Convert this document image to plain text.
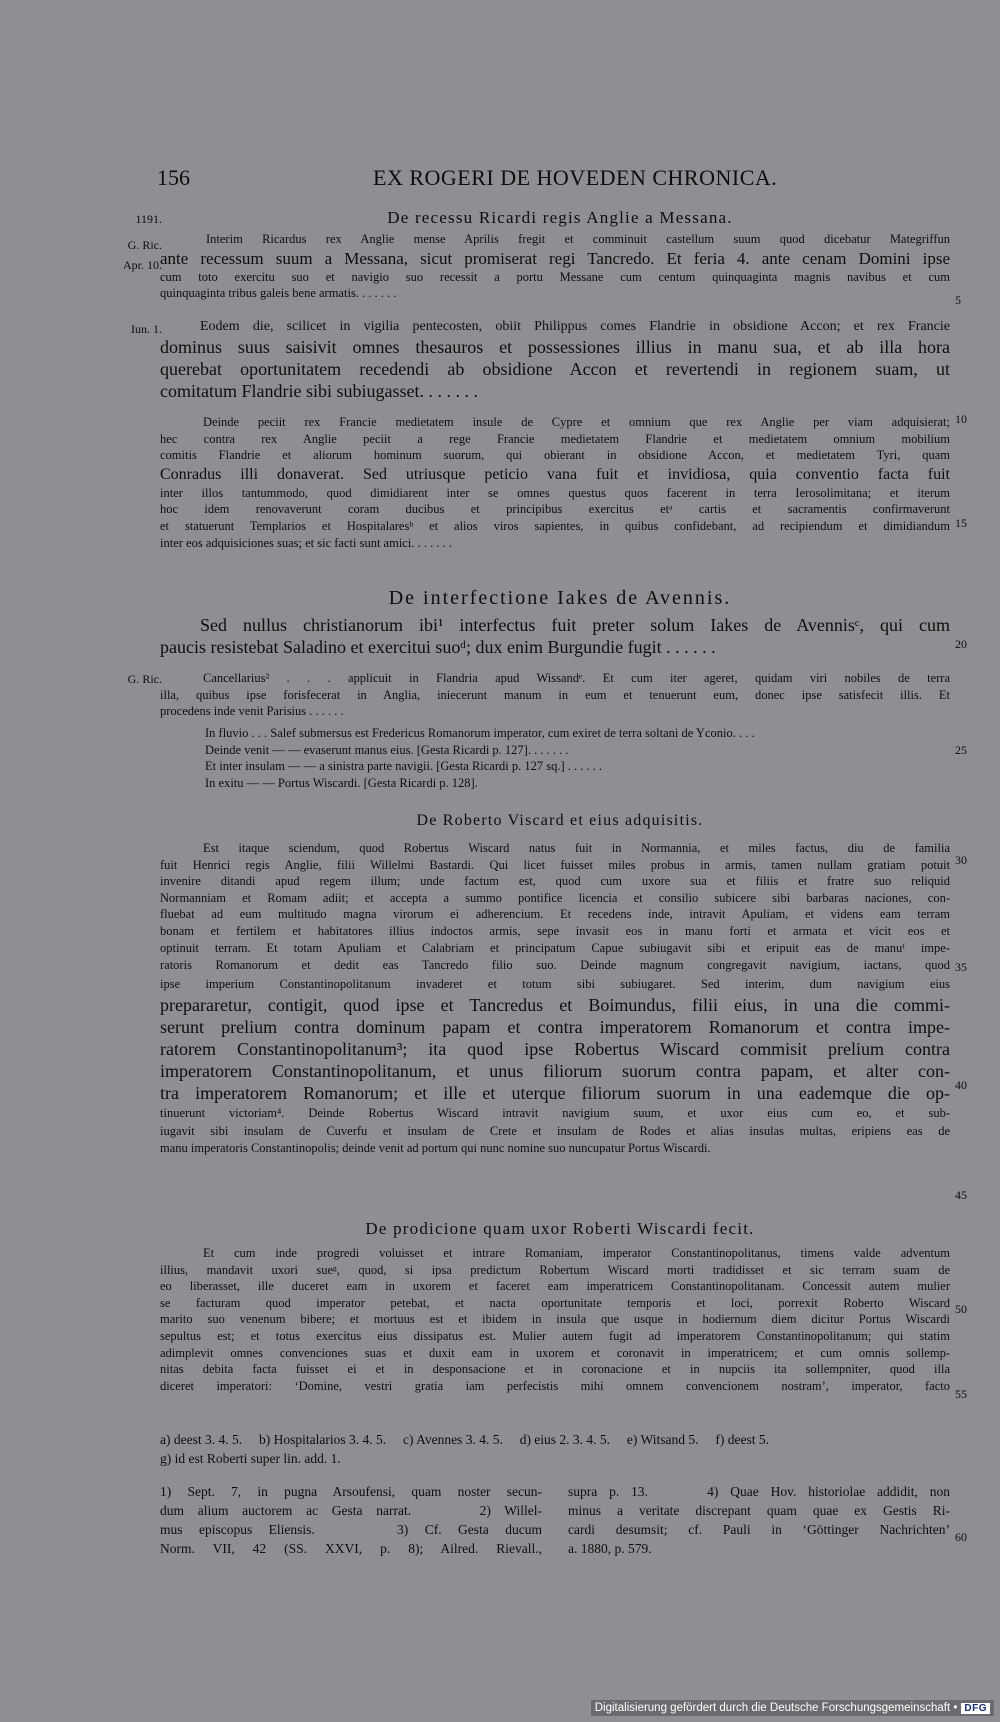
156	EX ROGERI DE HOVEDEN CHRONICA.
1191.
G. Ric.
Apr. 10.
Iun. 1.
G. Ric.
5
10
15
20
25
30
35
40
45
50
55
60
De recessu Ricardi regis Anglie a Messana.
Interim Ricardus rex Anglie mense Aprilis fregit et comminuit castellum suum quod dicebatur Mategriffun
ante recessum suum a Messana, sicut promiserat regi Tancredo. Et feria 4. ante cenam Domini ipse
cum toto exercitu suo et navigio suo recessit a portu Messane cum centum quinquaginta magnis navibus et cum
quinquaginta tribus galeis bene armatis. . . . . . .
Eodem die, scilicet in vigilia pentecosten, obiit Philippus comes Flandrie in obsidione Accon; et rex Francie
dominus suus saisivit omnes thesauros et possessiones illius in manu sua, et ab illa hora
querebat oportunitatem recedendi ab obsidione Accon et revertendi in regionem suam, ut
comitatum Flandrie sibi subiugasset. . . . . . .
Deinde peciit rex Francie medietatem insule de Cypre et omnium que rex Anglie per viam adquisierat;
hec contra rex Anglie peciit a rege Francie medietatem Flandrie et medietatem omnium mobilium
comitis Flandrie et aliorum hominum suorum, qui obierant in obsidione Accon, et medietatem Tyri, quam
Conradus illi donaverat. Sed utriusque peticio vana fuit et invidiosa, quia conventio facta fuit
inter illos tantummodo, quod dimidiarent inter se omnes questus quos facerent in terra Ierosolimitana; et iterum
hoc idem renovaverunt coram ducibus et principibus exercitus etᵃ cartis et sacramentis confirmaverunt
et statuerunt Templarios et Hospitalaresᵇ et alios viros sapientes, in quibus confidebant, ad recipiendum et dimidiandum
inter eos adquisiciones suas; et sic facti sunt amici. . . . . . .
De interfectione Iakes de Avennis.
Sed nullus christianorum ibi¹ interfectus fuit preter solum Iakes de Avennisᶜ, qui cum
paucis resistebat Saladino et exercitui suoᵈ; dux enim Burgundie fugit . . . . . .
Cancellarius² . . . applicuit in Flandria apud Wissandᵉ. Et cum iter ageret, quidam viri nobiles de terra
illa, quibus ipse forisfecerat in Anglia, iniecerunt manum in eum et tenuerunt eum, donec ipse satisfecit illis. Et
procedens inde venit Parisius . . . . . .
In fluvio . . . Salef submersus est Fredericus Romanorum imperator, cum exiret de terra soltani de Yconio. . . .
Deinde venit — — evaserunt manus eius. [Gesta Ricardi p. 127]. . . . . . .
Et inter insulam — — a sinistra parte navigii. [Gesta Ricardi p. 127 sq.] . . . . . .
In exitu — — Portus Wiscardi. [Gesta Ricardi p. 128].
De Roberto Viscard et eius adquisitis.
Est itaque sciendum, quod Robertus Wiscard natus fuit in Normannia, et miles factus, diu de familia
fuit Henrici regis Anglie, filii Willelmi Bastardi. Qui licet fuisset miles probus in armis, tamen nullam gratiam potuit
invenire ditandi apud regem illum; unde factum est, quod cum uxore sua et filiis et fratre suo reliquid
Normanniam et Romam adiit; et accepta a summo pontifice licencia et consilio subicere sibi barbaras naciones, con-
fluebat ad eum multitudo magna virorum ei adherencium. Et recedens inde, intravit Apuliam, et videns eam terram
bonam et fertilem et habitatores illius indoctos armis, sepe invasit eos in manu forti et armata et vicit eos et
optinuit terram. Et totam Apuliam et Calabriam et principatum Capue subiugavit sibi et eripuit eas de manuᶠ impe-
ratoris Romanorum et dedit eas Tancredo filio suo. Deinde magnum congregavit navigium, iactans, quod
ipse imperium Constantinopolitanum invaderet et totum sibi subiugaret. Sed interim, dum navigium eius
prepararetur, contigit, quod ipse et Tancredus et Boimundus, filii eius, in una die commi-
serunt prelium contra dominum papam et contra imperatorem Romanorum et contra impe-
ratorem Constantinopolitanum³; ita quod ipse Robertus Wiscard commisit prelium contra
imperatorem Constantinopolitanum, et unus filiorum suorum contra papam, et alter con-
tra imperatorem Romanorum; et ille et uterque filiorum suorum in una eademque die op-
tinuerunt victoriam⁴. Deinde Robertus Wiscard intravit navigium suum, et uxor eius cum eo, et sub-
iugavit sibi insulam de Cuverfu et insulam de Crete et insulam de Rodes et alias insulas multas, eripiens eas de
manu imperatoris Constantinopolis; deinde venit ad portum qui nunc nomine suo nuncupatur Portus Wiscardi.
De prodicione quam uxor Roberti Wiscardi fecit.
Et cum inde progredi voluisset et intrare Romaniam, imperator Constantinopolitanus, timens valde adventum
illius, mandavit uxori sueᵍ, quod, si ipsa predictum Robertum Wiscard morti tradidisset et sic terram suam de
eo liberasset, ille duceret eam in uxorem et faceret eam imperatricem Constantinopolitanam. Concessit autem mulier
se facturam quod imperator petebat, et nacta oportunitate temporis et loci, porrexit Roberto Wiscard
marito suo venenum bibere; et mortuus est et ibidem in insula que usque in hodiernum diem dicitur Portus Wiscardi
sepultus est; et totus exercitus eius dissipatus est. Mulier autem fugit ad imperatorem Constantinopolitanum; qui statim
adimplevit omnes convenciones suas et duxit eam in uxorem et coronavit in imperatricem; et cum omnis sollemp-
nitas debita facta fuisset ei et in desponsacione et in coronacione et in nupciis ita sollempniter, quod illa
diceret imperatori: ‘Domine, vestri gratia iam perfecistis mihi omnem convencionem nostram’, imperator, facto
a) deest 3. 4. 5.     b) Hospitalarios 3. 4. 5.     c) Avennes 3. 4. 5.     d) eius 2. 3. 4. 5.     e) Witsand 5.     f) deest 5.
g) id est Roberti super lin. add. 1.
1) Sept. 7, in pugna Arsoufensi, quam noster secun-
dum alium auctorem ac Gesta narrat.     2) Willel-
mus episcopus Eliensis.     3) Cf. Gesta ducum
Norm. VII, 42 (SS. XXVI, p. 8); Ailred. Rievall.,
supra p. 13.     4) Quae Hov. historiolae addidit, non
minus a veritate discrepant quam quae ex Gestis Ri-
cardi desumsit; cf. Pauli in ‘Göttinger Nachrichten’
a. 1880, p. 579.
Digitalisierung gefördert durch die Deutsche Forschungsgemeinschaft • DFG
